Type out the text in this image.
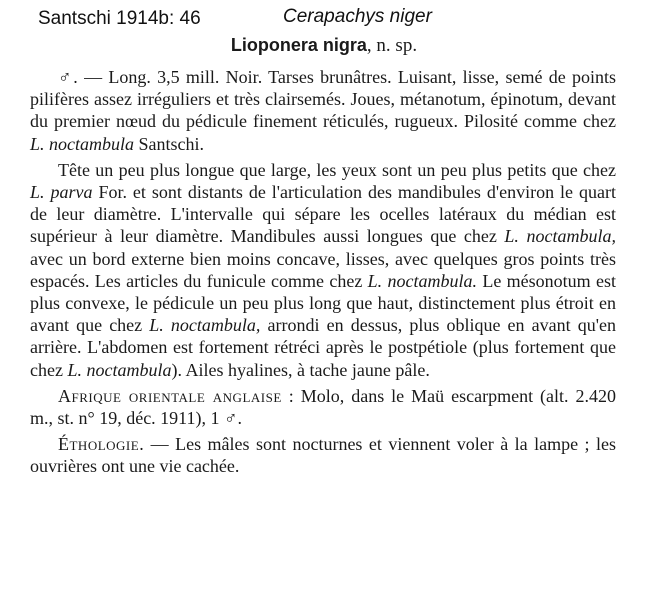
Santschi 1914b: 46	Cerapachys niger
Lioponera nigra, n. sp.

♂. — Long. 3,5 mill. Noir. Tarses brunâtres. Luisant, lisse, semé de points pilifères assez irréguliers et très clairsemés. Joues, métanotum, épinotum, devant du premier nœud du pédicule finement réticulés, rugueux. Pilosité comme chez L. noctambula Santschi.

Tête un peu plus longue que large, les yeux sont un peu plus petits que chez L. parva For. et sont distants de l'articulation des mandibules d'environ le quart de leur diamètre. L'intervalle qui sépare les ocelles latéraux du médian est supérieur à leur diamètre. Mandibules aussi longues que chez L. noctambula, avec un bord externe bien moins concave, lisses, avec quelques gros points très espacés. Les articles du funicule comme chez L. noctambula. Le mésonotum est plus convexe, le pédicule un peu plus long que haut, distinctement plus étroit en avant que chez L. noctambula, arrondi en dessus, plus oblique en avant qu'en arrière. L'abdomen est fortement rétréci après le postpétiole (plus fortement que chez L. noctambula). Ailes hyalines, à tache jaune pâle.

Afrique orientale anglaise : Molo, dans le Maü escarpment (alt. 2.420 m., st. n° 19, déc. 1911), 1 ♂.

Éthologie. — Les mâles sont nocturnes et viennent voler à la lampe ; les ouvrières ont une vie cachée.
